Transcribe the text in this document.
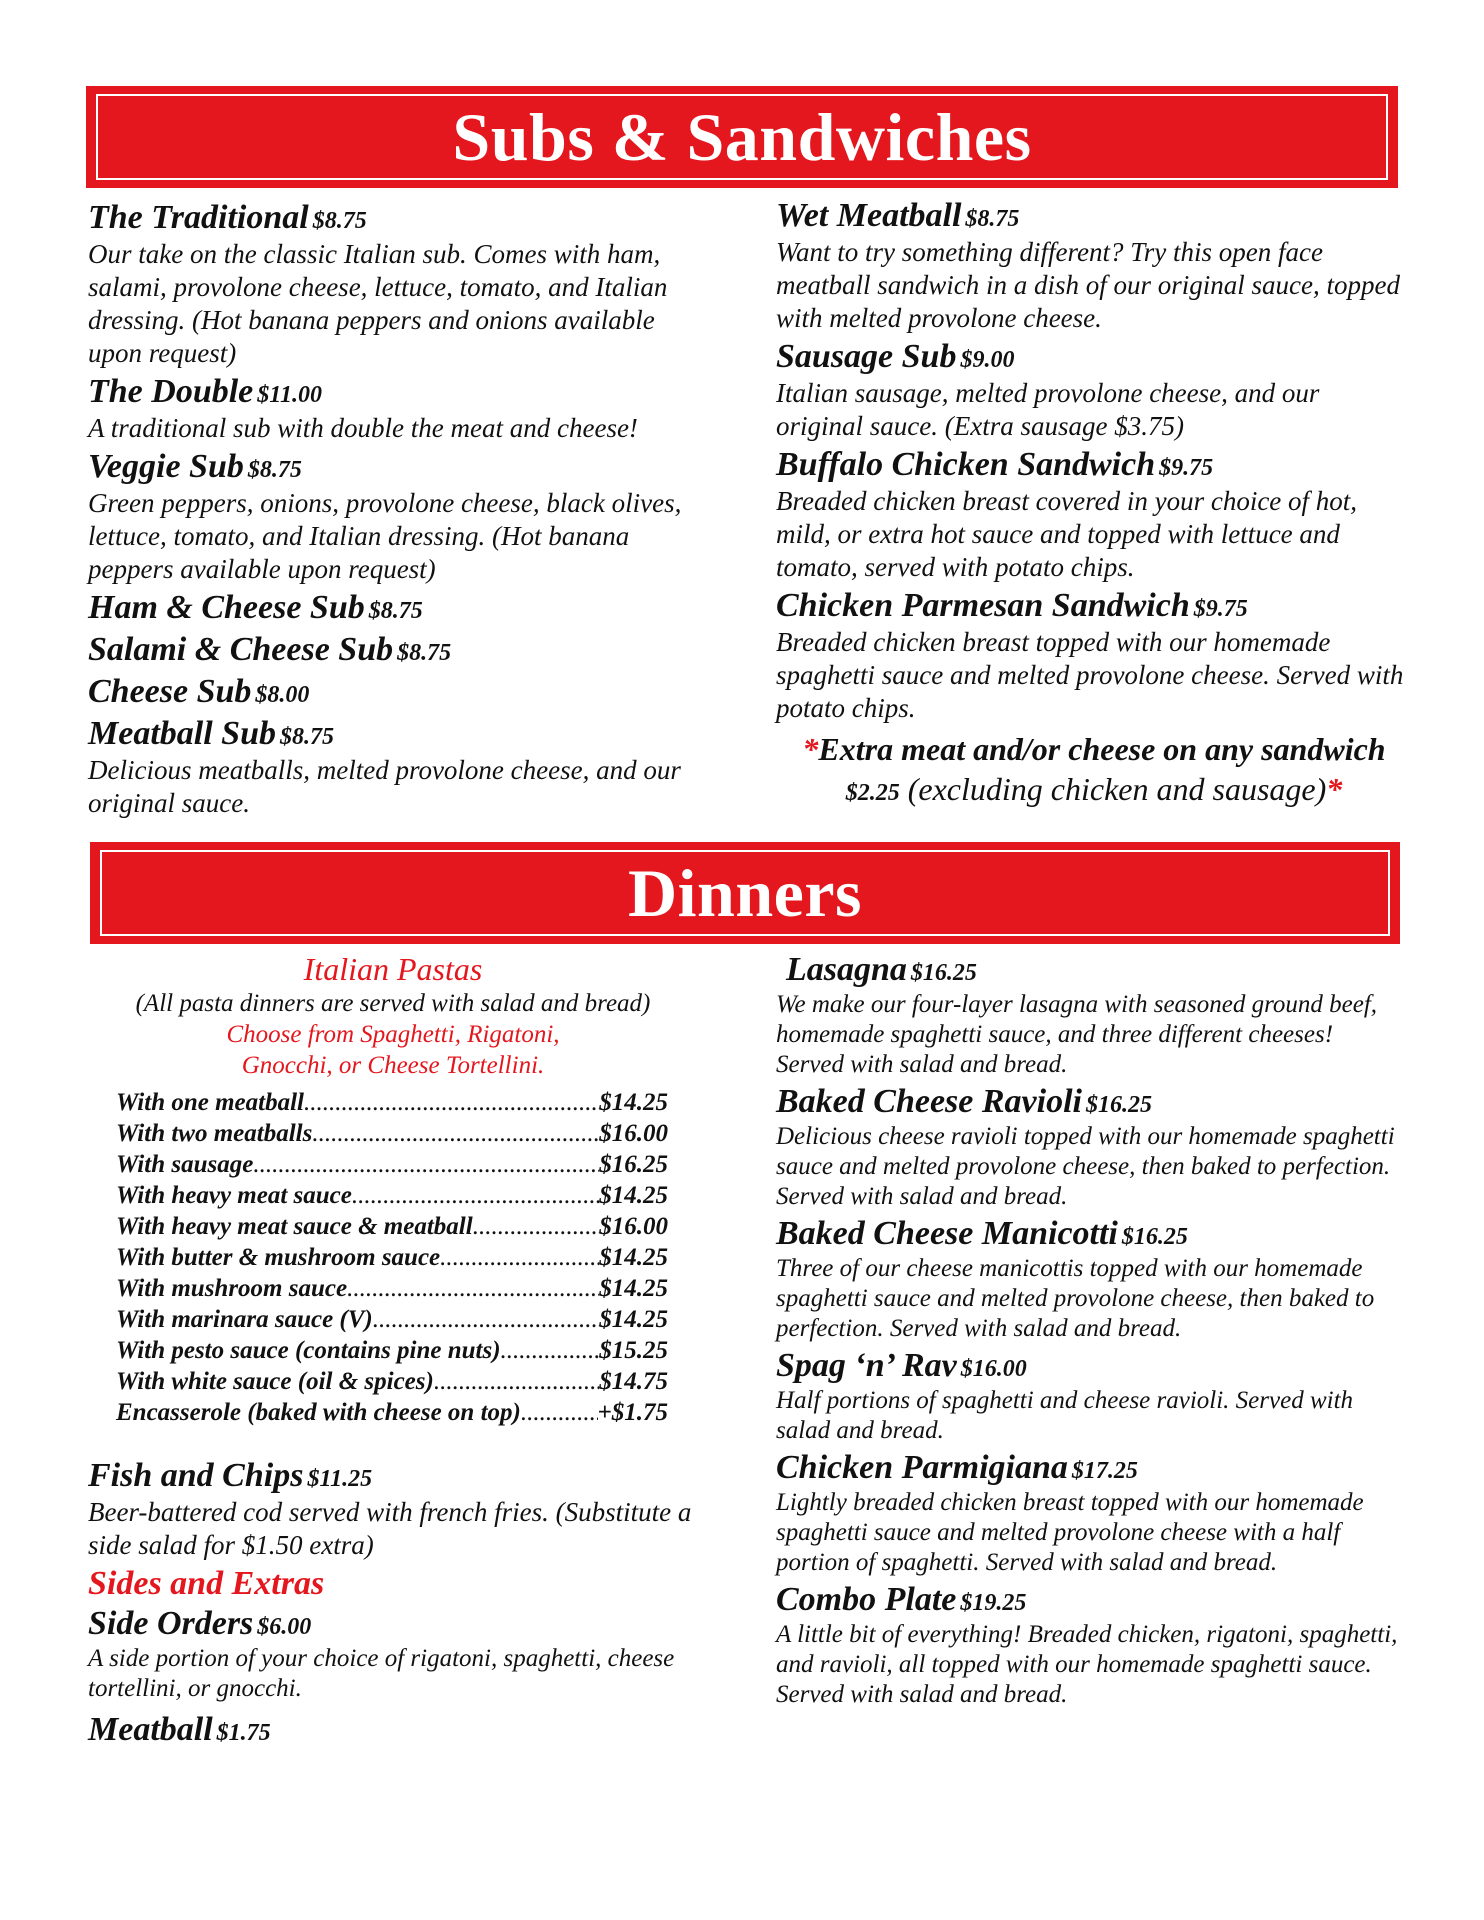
Subs & Sandwiches
The Traditional $8.75
Our take on the classic Italian sub. Comes with ham, salami, provolone cheese, lettuce, tomato, and Italian dressing. (Hot banana peppers and onions available upon request)
The Double $11.00
A traditional sub with double the meat and cheese!
Veggie Sub $8.75
Green peppers, onions, provolone cheese, black olives, lettuce, tomato, and Italian dressing. (Hot banana peppers available upon request)
Ham & Cheese Sub $8.75
Salami & Cheese Sub $8.75
Cheese Sub $8.00
Meatball Sub $8.75
Delicious meatballs, melted provolone cheese, and our original sauce.
Wet Meatball $8.75
Want to try something different? Try this open face meatball sandwich in a dish of our original sauce, topped with melted provolone cheese.
Sausage Sub $9.00
Italian sausage, melted provolone cheese, and our original sauce. (Extra sausage $3.75)
Buffalo Chicken Sandwich $9.75
Breaded chicken breast covered in your choice of hot, mild, or extra hot sauce and topped with lettuce and tomato, served with potato chips.
Chicken Parmesan Sandwich $9.75
Breaded chicken breast topped with our homemade spaghetti sauce and melted provolone cheese. Served with potato chips.
*Extra meat and/or cheese on any sandwich
$2.25 (excluding chicken and sausage)*
Dinners
Italian Pastas
(All pasta dinners are served with salad and bread)
Choose from Spaghetti, Rigatoni, Gnocchi, or Cheese Tortellini.
With one meatball .....	$14.25
With two meatballs .....	$16.00
With sausage .....	$16.25
With heavy meat sauce .....	$14.25
With heavy meat sauce & meatball .....	$16.00
With butter & mushroom sauce .....	$14.25
With mushroom sauce .....	$14.25
With marinara sauce (V) .....	$14.25
With pesto sauce (contains pine nuts) .....	$15.25
With white sauce (oil & spices) .....	$14.75
Encasserole (baked with cheese on top) .....	+$1.75
Fish and Chips $11.25
Beer-battered cod served with french fries. (Substitute a side salad for $1.50 extra)
Sides and Extras
Side Orders $6.00
A side portion of your choice of rigatoni, spaghetti, cheese tortellini, or gnocchi.
Meatball $1.75
Lasagna $16.25
We make our four-layer lasagna with seasoned ground beef, homemade spaghetti sauce, and three different cheeses! Served with salad and bread.
Baked Cheese Ravioli $16.25
Delicious cheese ravioli topped with our homemade spaghetti sauce and melted provolone cheese, then baked to perfection. Served with salad and bread.
Baked Cheese Manicotti $16.25
Three of our cheese manicottis topped with our homemade spaghetti sauce and melted provolone cheese, then baked to perfection. Served with salad and bread.
Spag ‘n’ Rav $16.00
Half portions of spaghetti and cheese ravioli. Served with salad and bread.
Chicken Parmigiana $17.25
Lightly breaded chicken breast topped with our homemade spaghetti sauce and melted provolone cheese with a half portion of spaghetti. Served with salad and bread.
Combo Plate $19.25
A little bit of everything! Breaded chicken, rigatoni, spaghetti, and ravioli, all topped with our homemade spaghetti sauce. Served with salad and bread.
